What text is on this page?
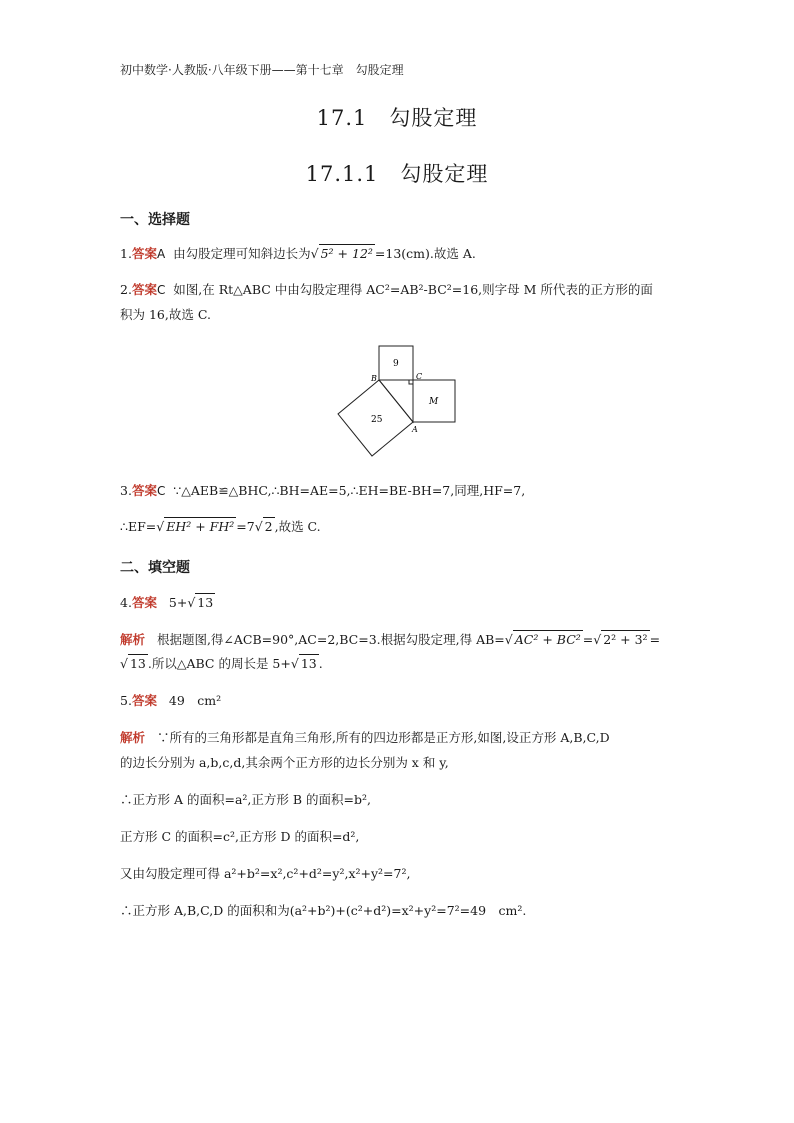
初中数学·人教版·八年级下册——第十七章　勾股定理
17.1　勾股定理
17.1.1　勾股定理
一、选择题
1.答案A 由勾股定理可知斜边长为√ 5² + 12² =13(cm).故选 A.
2.答案C 如图,在 Rt△ABC 中由勾股定理得 AC²=AB²-BC²=16,则字母 M 所代表的正方形的面
积为 16,故选 C.
9
25
M
B	C
A
3.答案C ∵△AEB≌△BHC,∴BH=AE=5,∴EH=BE-BH=7,同理,HF=7,
∴EF=√ EH² + FH² =7√ 2 ,故选 C.
二、填空题
4.答案 5+√ 13
解析 根据题图,得∠ACB=90°,AC=2,BC=3.根据勾股定理,得 AB=√ AC² + BC² =√ 2² + 3² =
√ 13 .所以△ABC 的周长是 5+√ 13 .
5.答案 49　cm²
解析 ∵所有的三角形都是直角三角形,所有的四边形都是正方形,如图,设正方形 A,B,C,D
的边长分别为 a,b,c,d,其余两个正方形的边长分别为 x 和 y,
∴正方形 A 的面积=a²,正方形 B 的面积=b²,
正方形 C 的面积=c²,正方形 D 的面积=d²,
又由勾股定理可得 a²+b²=x²,c²+d²=y²,x²+y²=7²,
∴正方形 A,B,C,D 的面积和为(a²+b²)+(c²+d²)=x²+y²=7²=49　cm².
